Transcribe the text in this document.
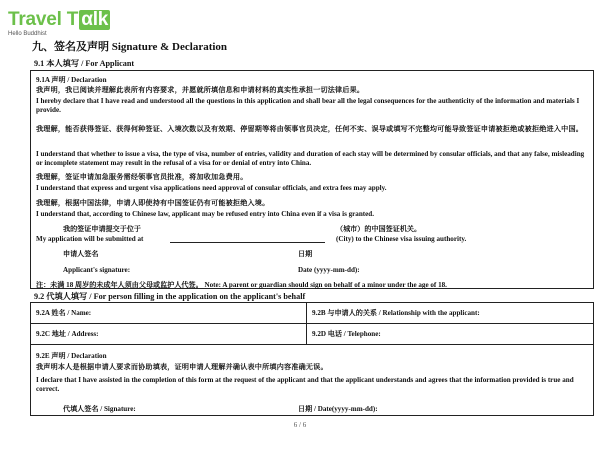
Travel T αlk
Hello Buddhist
九、签名及声明 Signature & Declaration
9.1 本人填写 / For Applicant
9.1A 声明 / Declaration
我声明，我已阅读并理解此表所有内容要求，并愿就所填信息和申请材料的真实性承担一切法律后果。
I hereby declare that I have read and understood all the questions in this application and shall bear all the legal consequences for the authenticity of the information and materials I provide.
我理解，能否获得签证、获得何种签证、入境次数以及有效期、停留期等将由领事官员决定，任何不实、误导或填写不完整均可能导致签证申请被拒绝或被拒绝进入中国。
I understand that whether to issue a visa, the type of visa, number of entries, validity and duration of each stay will be determined by consular officials, and that any false, misleading or incomplete statement may result in the refusal of a visa for or denial of entry into China.
我理解，签证申请加急服务需经领事官员批准，将加收加急费用。
I understand that express and urgent visa applications need approval of consular officials, and extra fees may apply.
我理解，根据中国法律，申请人即使持有中国签证仍有可能被拒绝入境。
I understand that, according to Chinese law, applicant may be refused entry into China even if a visa is granted.
我的签证申请提交于位于
My application will be submitted at
（城市）的中国签证机关。
(City) to the Chinese visa issuing authority.
申请人签名	日期
Applicant's signature:	Date (yyyy-mm-dd):
注：未满 18 周岁的未成年人须由父母或监护人代签。 Note: A parent or guardian should sign on behalf of a minor under the age of 18.
9.2 代填人填写 / For person filling in the application on the applicant's behalf
9.2A 姓名 / Name:	9.2B 与申请人的关系 / Relationship with the applicant:
9.2C 地址 / Address:	9.2D 电话 / Telephone:
9.2E 声明 / Declaration
我声明本人是根据申请人要求而协助填表，证明申请人理解并确认表中所填内容准确无误。
I declare that I have assisted in the completion of this form at the request of the applicant and that the applicant understands and agrees that the information provided is true and correct.
代填人签名 / Signature:	日期 / Date(yyyy-mm-dd):
6 / 6
